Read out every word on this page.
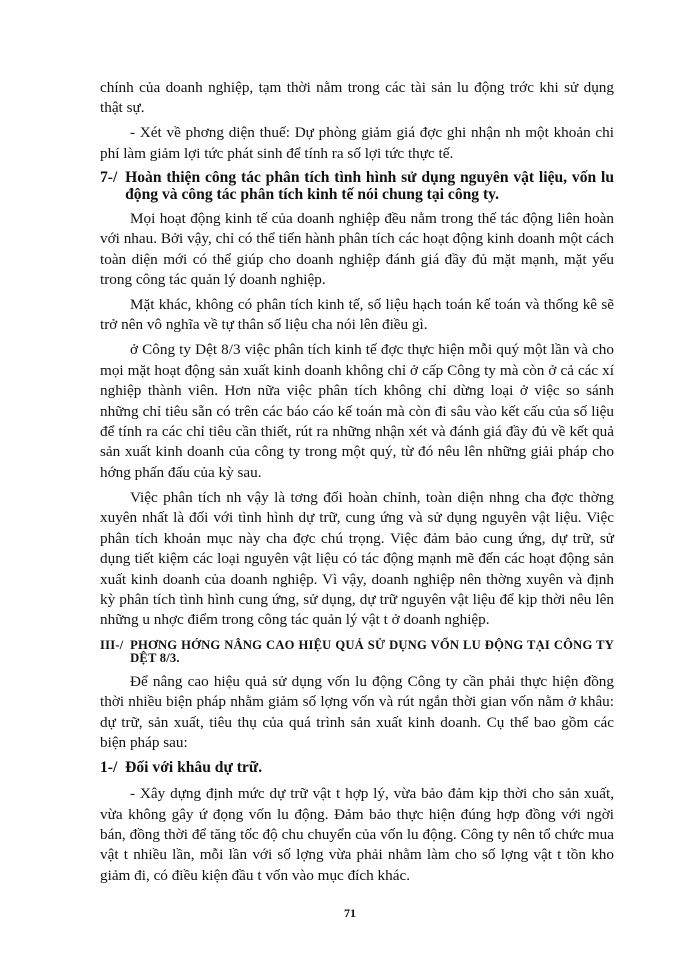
chính của doanh nghiệp, tạm thời nằm trong các tài sản lu động trớc khi sử dụng thật sự.

- Xét về phơng diện thuế: Dự phòng giảm giá đợc ghi nhận nh một khoản chi phí làm giảm lợi tức phát sinh để tính ra số lợi tức thực tế.

7-/ Hoàn thiện công tác phân tích tình hình sử dụng nguyên vật liệu, vốn lu động và công tác phân tích kinh tế nói chung tại công ty.

Mọi hoạt động kinh tế của doanh nghiệp đều nằm trong thế tác động liên hoàn với nhau. Bởi vậy, chỉ có thể tiến hành phân tích các hoạt động kinh doanh một cách toàn diện mới có thể giúp cho doanh nghiệp đánh giá đầy đủ mặt mạnh, mặt yếu trong công tác quản lý doanh nghiệp.

Mặt khác, không có phân tích kinh tế, số liệu hạch toán kế toán và thống kê sẽ trở nên vô nghĩa về tự thân số liệu cha nói lên điều gì.

ở Công ty Dệt 8/3 việc phân tích kinh tế đợc thực hiện mỗi quý một lần và cho mọi mặt hoạt động sản xuất kinh doanh không chỉ ở cấp Công ty mà còn ở cả các xí nghiệp thành viên. Hơn nữa việc phân tích không chỉ dừng loại ở việc so sánh những chỉ tiêu sẵn có trên các báo cáo kế toán mà còn đi sâu vào kết cấu của số liệu để tính ra các chỉ tiêu cần thiết, rút ra những nhận xét và đánh giá đầy đủ về kết quả sản xuất kinh doanh của công ty trong một quý, từ đó nêu lên những giải pháp cho hớng phấn đấu của kỳ sau.

Việc phân tích nh vậy là tơng đối hoàn chỉnh, toàn diện nhng cha đợc thờng xuyên nhất là đối với tình hình dự trữ, cung ứng và sử dụng nguyên vật liệu. Việc phân tích khoản mục này cha đợc chú trọng. Việc đảm bảo cung ứng, dự trữ, sử dụng tiết kiệm các loại nguyên vật liệu có tác động mạnh mẽ đến các hoạt động sản xuất kinh doanh của doanh nghiệp. Vì vậy, doanh nghiệp nên thờng xuyên và định kỳ phân tích tình hình cung ứng, sử dụng, dự trữ nguyên vật liệu để kịp thời nêu lên những u nhợc điểm trong công tác quản lý vật t ở doanh nghiệp.

III-/ PHƠNG HỚNG NÂNG CAO HIỆU QUẢ SỬ DỤNG VỐN LU ĐỘNG TẠI CÔNG TY DỆT 8/3.

Để nâng cao hiệu quả sử dụng vốn lu động Công ty cần phải thực hiện đồng thời nhiều biện pháp nhằm giảm số lợng vốn và rút ngắn thời gian vốn nằm ở khâu: dự trữ, sản xuất, tiêu thụ của quá trình sản xuất kinh doanh. Cụ thể bao gồm các biện pháp sau:

1-/ Đối với khâu dự trữ.

- Xây dựng định mức dự trữ vật t hợp lý, vừa bảo đảm kịp thời cho sản xuất, vừa không gây ứ đọng vốn lu động. Đảm bảo thực hiện đúng hợp đồng với ngời bán, đồng thời để tăng tốc độ chu chuyển của vốn lu động. Công ty nên tổ chức mua vật t nhiều lần, mỗi lần với số lợng vừa phải nhằm làm cho số lợng vật t tồn kho giảm đi, có điều kiện đầu t vốn vào mục đích khác.

71
